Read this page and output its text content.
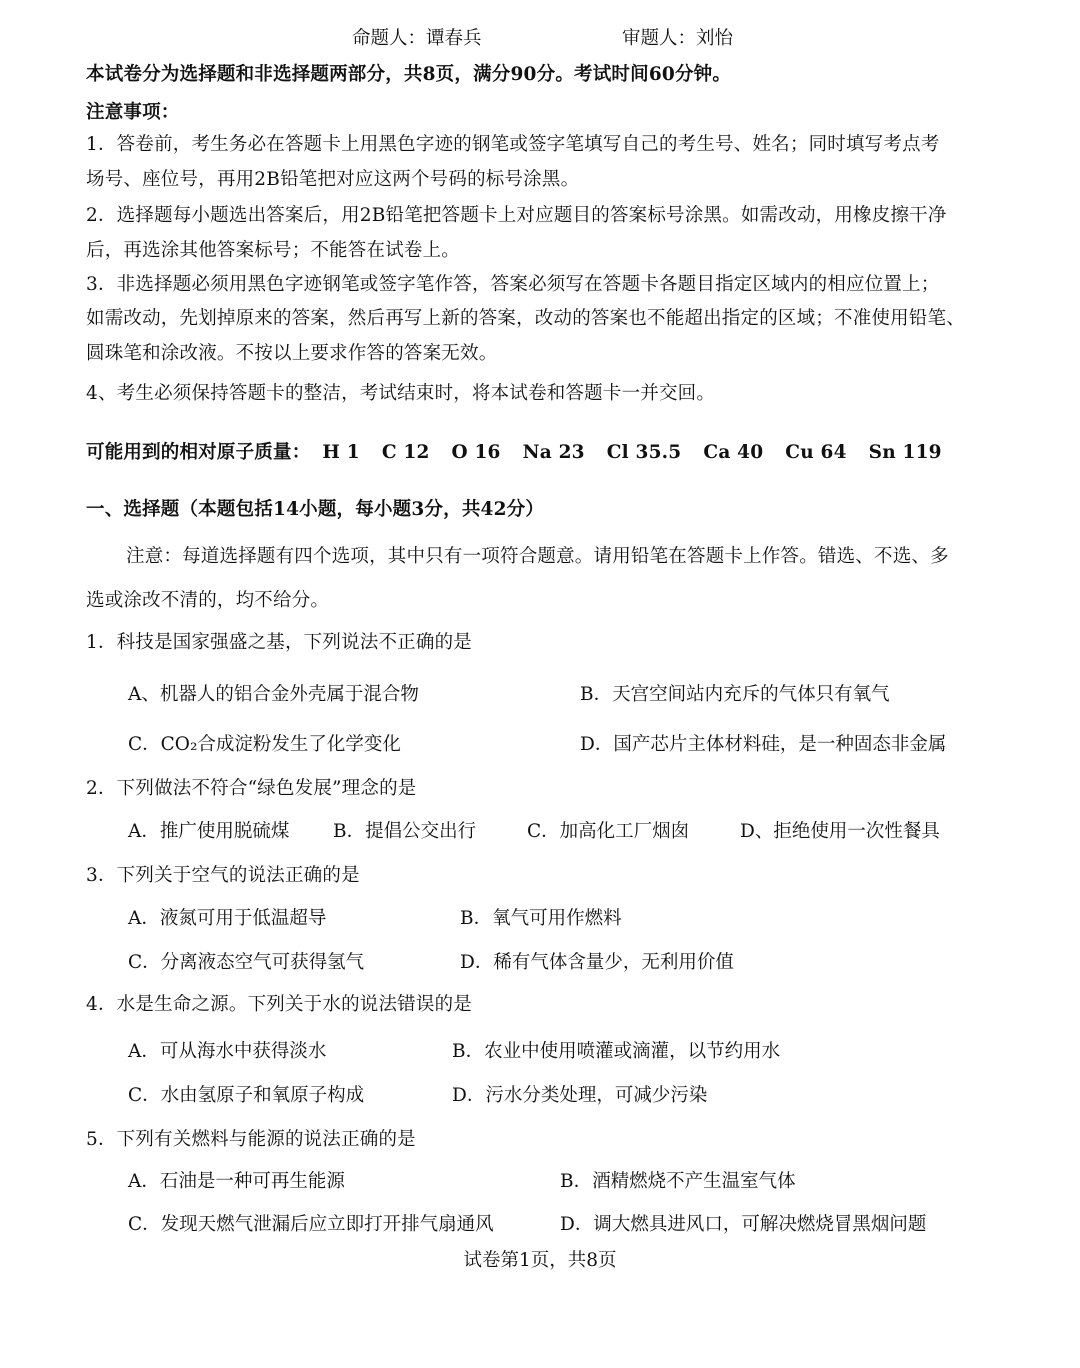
命题人：谭春兵	审题人：刘怡
本试卷分为选择题和非选择题两部分，共8页，满分90分。考试时间60分钟。
注意事项：
1．答卷前，考生务必在答题卡上用黑色字迹的钢笔或签字笔填写自己的考生号、姓名；同时填写考点考
场号、座位号，再用2B铅笔把对应这两个号码的标号涂黑。
2．选择题每小题选出答案后，用2B铅笔把答题卡上对应题目的答案标号涂黑。如需改动，用橡皮擦干净
后，再选涂其他答案标号；不能答在试卷上。
3．非选择题必须用黑色字迹钢笔或签字笔作答，答案必须写在答题卡各题目指定区域内的相应位置上；
如需改动，先划掉原来的答案，然后再写上新的答案，改动的答案也不能超出指定的区域；不准使用铅笔、
圆珠笔和涂改液。不按以上要求作答的答案无效。
4、考生必须保持答题卡的整洁，考试结束时，将本试卷和答题卡一并交回。
可能用到的相对原子质量： H 1 C 12 O 16 Na 23 Cl 35.5 Ca 40 Cu 64 Sn 119
一、选择题（本题包括14小题，每小题3分，共42分）
注意：每道选择题有四个选项，其中只有一项符合题意。请用铅笔在答题卡上作答。错选、不选、多
选或涂改不清的，均不给分。
1．科技是国家强盛之基，下列说法不正确的是
A、机器人的铝合金外壳属于混合物	B．天宫空间站内充斥的气体只有氧气
C．CO₂合成淀粉发生了化学变化	D．国产芯片主体材料硅，是一种固态非金属
2．下列做法不符合“绿色发展”理念的是
A．推广使用脱硫煤 B．提倡公交出行	C．加高化工厂烟囱	D、拒绝使用一次性餐具
3．下列关于空气的说法正确的是
A．液氮可用于低温超导	B．氧气可用作燃料
C．分离液态空气可获得氢气	D．稀有气体含量少，无利用价值
4．水是生命之源。下列关于水的说法错误的是
A．可从海水中获得淡水	B．农业中使用喷灌或滴灌，以节约用水
C．水由氢原子和氧原子构成	D．污水分类处理，可减少污染
5．下列有关燃料与能源的说法正确的是
A．石油是一种可再生能源	B．酒精燃烧不产生温室气体
C．发现天燃气泄漏后应立即打开排气扇通风	D．调大燃具进风口，可解决燃烧冒黑烟问题
试卷第1页，共8页
